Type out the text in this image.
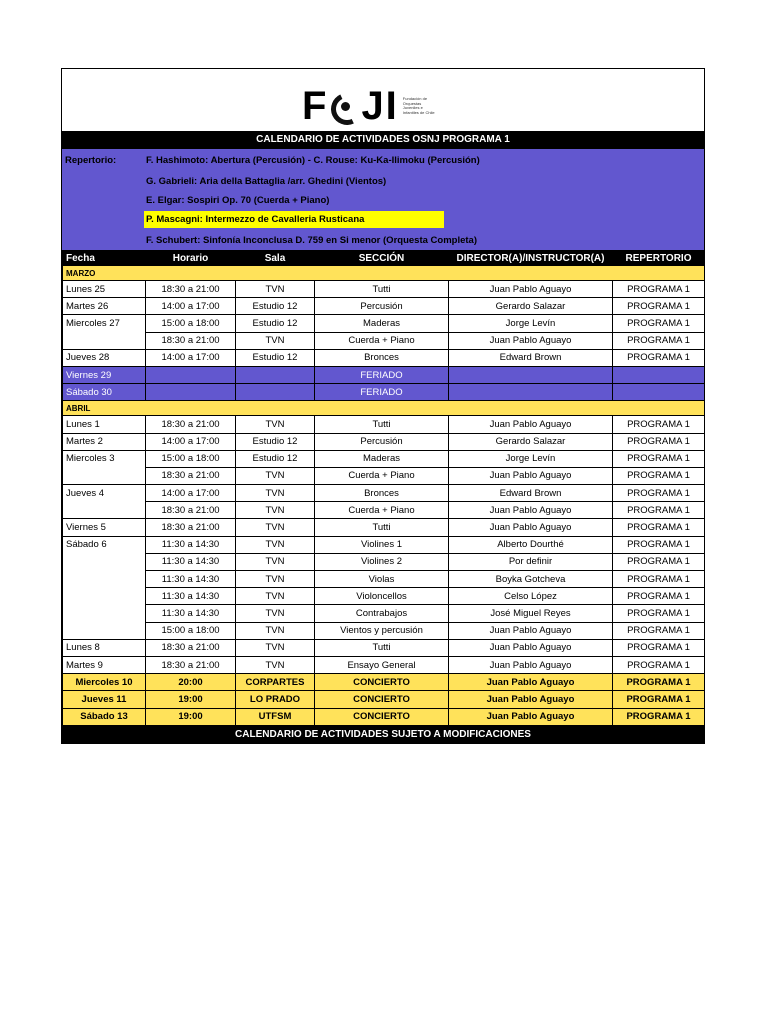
F JI Fundación de Orquestas Juveniles e Infantiles de Chile
CALENDARIO DE ACTIVIDADES OSNJ PROGRAMA 1
Repertorio:	F. Hashimoto: Abertura (Percusión) - C. Rouse: Ku-Ka-Ilimoku (Percusión)
G. Gabrieli: Aria della Battaglia /arr. Ghedini (Vientos)
E. Elgar: Sospiri Op. 70 (Cuerda + Piano)
P. Mascagni: Intermezzo de Cavalleria Rusticana
F. Schubert: Sinfonía Inconclusa D. 759 en Si menor (Orquesta Completa)
Fecha	Horario	Sala	SECCIÓN	DIRECTOR(A)/INSTRUCTOR(A)	REPERTORIO
MARZO					
Lunes 25	18:30 a 21:00	TVN	Tutti	Juan Pablo Aguayo	PROGRAMA 1
Martes 26	14:00 a 17:00	Estudio 12	Percusión	Gerardo Salazar	PROGRAMA 1
Miercoles 27	15:00 a 18:00	Estudio 12	Maderas	Jorge Levín	PROGRAMA 1
	18:30 a 21:00	TVN	Cuerda + Piano	Juan Pablo Aguayo	PROGRAMA 1
Jueves 28	14:00 a 17:00	Estudio 12	Bronces	Edward Brown	PROGRAMA 1
Viernes 29			FERIADO		
Sábado 30			FERIADO		
ABRIL					
Lunes 1	18:30 a 21:00	TVN	Tutti	Juan Pablo Aguayo	PROGRAMA 1
Martes 2	14:00 a 17:00	Estudio 12	Percusión	Gerardo Salazar	PROGRAMA 1
Miercoles 3	15:00 a 18:00	Estudio 12	Maderas	Jorge Levín	PROGRAMA 1
	18:30 a 21:00	TVN	Cuerda + Piano	Juan Pablo Aguayo	PROGRAMA 1
Jueves 4	14:00 a 17:00	TVN	Bronces	Edward Brown	PROGRAMA 1
	18:30 a 21:00	TVN	Cuerda + Piano	Juan Pablo Aguayo	PROGRAMA 1
Viernes 5	18:30 a 21:00	TVN	Tutti	Juan Pablo Aguayo	PROGRAMA 1
Sábado 6	11:30 a 14:30	TVN	Violines 1	Alberto Dourthé	PROGRAMA 1
	11:30 a 14:30	TVN	Violines 2	Por definir	PROGRAMA 1
	11:30 a 14:30	TVN	Violas	Boyka Gotcheva	PROGRAMA 1
	11:30 a 14:30	TVN	Violoncellos	Celso López	PROGRAMA 1
	11:30 a 14:30	TVN	Contrabajos	José Miguel Reyes	PROGRAMA 1
	15:00 a 18:00	TVN	Vientos y percusión	Juan Pablo Aguayo	PROGRAMA 1
Lunes 8	18:30 a 21:00	TVN	Tutti	Juan Pablo Aguayo	PROGRAMA 1
Martes 9	18:30 a 21:00	TVN	Ensayo General	Juan Pablo Aguayo	PROGRAMA 1
Miercoles 10	20:00	CORPARTES	CONCIERTO	Juan Pablo Aguayo	PROGRAMA 1
Jueves 11	19:00	LO PRADO	CONCIERTO	Juan Pablo Aguayo	PROGRAMA 1
Sábado 13	19:00	UTFSM	CONCIERTO	Juan Pablo Aguayo	PROGRAMA 1
CALENDARIO DE ACTIVIDADES SUJETO A MODIFICACIONES
